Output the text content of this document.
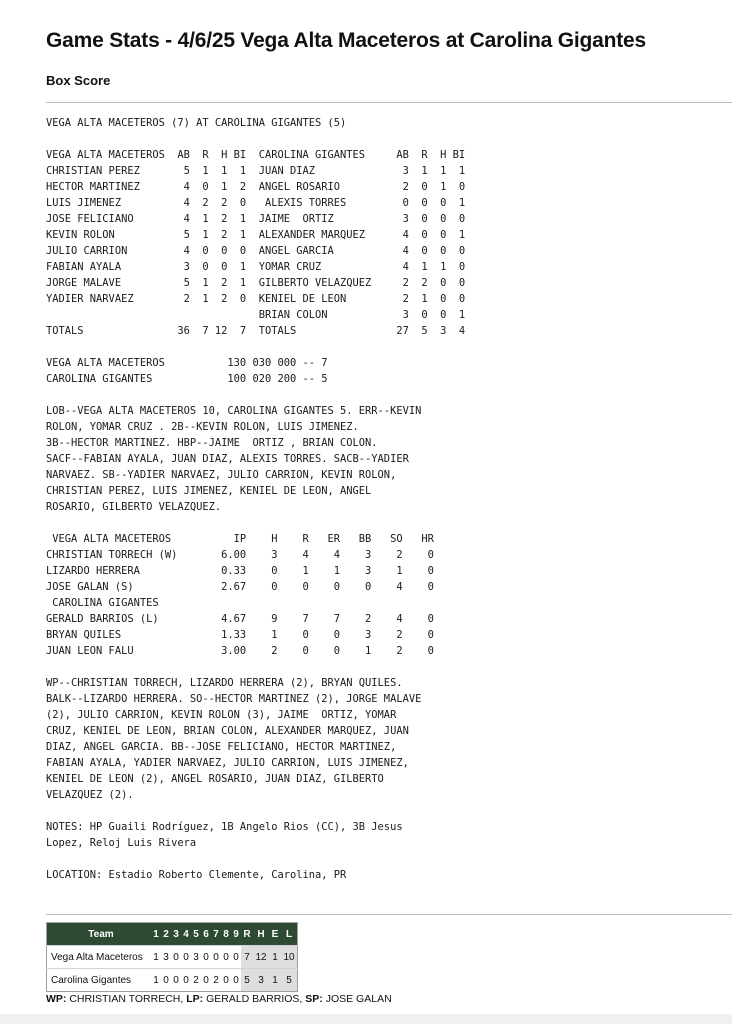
Game Stats - 4/6/25 Vega Alta Maceteros at Carolina Gigantes
Box Score
VEGA ALTA MACETEROS (7) AT CAROLINA GIGANTES (5)
VEGA ALTA MACETEROS  AB  R  H BI  CAROLINA GIGANTES     AB  R  H BI
CHRISTIAN PEREZ       5  1  1  1  JUAN DIAZ              3  1  1  1
HECTOR MARTINEZ       4  0  1  2  ANGEL ROSARIO          2  0  1  0
LUIS JIMENEZ          4  2  2  0   ALEXIS TORRES         0  0  0  1
JOSE FELICIANO        4  1  2  1  JAIME  ORTIZ           3  0  0  0
KEVIN ROLON           5  1  2  1  ALEXANDER MARQUEZ      4  0  0  1
JULIO CARRION         4  0  0  0  ANGEL GARCIA           4  0  0  0
FABIAN AYALA          3  0  0  1  YOMAR CRUZ             4  1  1  0
JORGE MALAVE          5  1  2  1  GILBERTO VELAZQUEZ     2  2  0  0
YADIER NARVAEZ        2  1  2  0  KENIEL DE LEON         2  1  0  0
BRIAN COLON            3  0  0  1
TOTALS               36  7 12  7  TOTALS                27  5  3  4
VEGA ALTA MACETEROS          130 030 000 -- 7
CAROLINA GIGANTES            100 020 200 -- 5
LOB--VEGA ALTA MACETEROS 10, CAROLINA GIGANTES 5. ERR--KEVIN
ROLON, YOMAR CRUZ . 2B--KEVIN ROLON, LUIS JIMENEZ.
3B--HECTOR MARTINEZ. HBP--JAIME  ORTIZ , BRIAN COLON.
SACF--FABIAN AYALA, JUAN DIAZ, ALEXIS TORRES. SACB--YADIER
NARVAEZ. SB--YADIER NARVAEZ, JULIO CARRION, KEVIN ROLON,
CHRISTIAN PEREZ, LUIS JIMENEZ, KENIEL DE LEON, ANGEL
ROSARIO, GILBERTO VELAZQUEZ.
VEGA ALTA MACETEROS          IP    H    R   ER   BB   SO   HR
CHRISTIAN TORRECH (W)       6.00    3    4    4    3    2    0
LIZARDO HERRERA             0.33    0    1    1    3    1    0
JOSE GALAN (S)              2.67    0    0    0    0    4    0
CAROLINA GIGANTES
GERALD BARRIOS (L)          4.67    9    7    7    2    4    0
BRYAN QUILES                1.33    1    0    0    3    2    0
JUAN LEON FALU              3.00    2    0    0    1    2    0
WP--CHRISTIAN TORRECH, LIZARDO HERRERA (2), BRYAN QUILES.
BALK--LIZARDO HERRERA. SO--HECTOR MARTINEZ (2), JORGE MALAVE
(2), JULIO CARRION, KEVIN ROLON (3), JAIME  ORTIZ, YOMAR
CRUZ, KENIEL DE LEON, BRIAN COLON, ALEXANDER MARQUEZ, JUAN
DIAZ, ANGEL GARCIA. BB--JOSE FELICIANO, HECTOR MARTINEZ,
FABIAN AYALA, YADIER NARVAEZ, JULIO CARRION, LUIS JIMENEZ,
KENIEL DE LEON (2), ANGEL ROSARIO, JUAN DIAZ, GILBERTO
VELAZQUEZ (2).
NOTES: HP Guaili Rodríguez, 1B Angelo Rios (CC), 3B Jesus
Lopez, Reloj Luis Rivera
LOCATION: Estadio Roberto Clemente, Carolina, PR
Team	1	2	3	4	5	6	7	8	9	R	H	E	L
Vega Alta Maceteros	1	3	0	0	3	0	0	0	0	7	12	1	10
Carolina Gigantes	1	0	0	0	2	0	2	0	0	5	3	1	5
WP: CHRISTIAN TORRECH, LP: GERALD BARRIOS, SP: JOSE GALAN
